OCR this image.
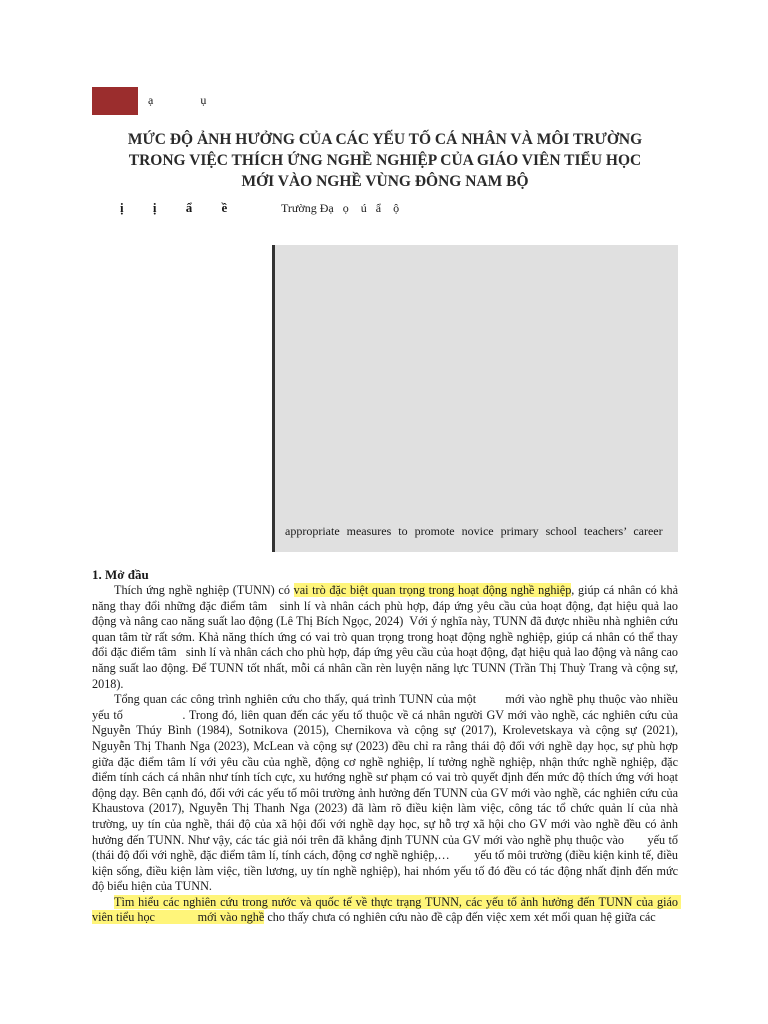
ạ	ụ
MỨC ĐỘ ẢNH HƯỞNG CỦA CÁC YẾU TỐ CÁ NHÂN VÀ MÔI TRƯỜNG
TRONG VIỆC THÍCH ỨNG NGHỀ NGHIỆP CỦA GIÁO VIÊN TIỂU HỌC
MỚI VÀO NGHỀ VÙNG ĐÔNG NAM BỘ
ị ị ẩ ề	Trường Đạ   ọ    ú   ẩ    ộ
appropriate measures to promote novice primary school teachers’ career
1. Mở đầu

Thích ứng nghề nghiệp (TUNN) có vai trò đặc biệt quan trọng trong hoạt động nghề nghiệp, giúp cá nhân có khả năng thay đổi những đặc điểm tâm   sinh lí và nhân cách phù hợp, đáp ứng yêu cầu của hoạt động, đạt hiệu quả lao động và nâng cao năng suất lao động (Lê Thị Bích Ngọc, 2024)  Với ý nghĩa này, TUNN đã được nhiều nhà nghiên cứu quan tâm từ rất sớm. Khả năng thích ứng có vai trò quan trọng trong hoạt động nghề nghiệp, giúp cá nhân có thể thay đổi đặc điểm tâm   sinh lí và nhân cách cho phù hợp, đáp ứng yêu cầu của hoạt động, đạt hiệu quả lao động và nâng cao năng suất lao động. Để TUNN tốt nhất, mỗi cá nhân cần rèn luyện năng lực TUNN (Trần Thị Thuỳ Trang và cộng sự, 2018).

Tổng quan các công trình nghiên cứu cho thấy, quá trình TUNN của một        mới vào nghề phụ thuộc vào nhiều yếu tố                . Trong đó, liên quan đến các yếu tố thuộc về cá nhân người GV mới vào nghề, các nghiên cứu của Nguyễn Thúy Bình (1984), Sotnikova (2015), Chernikova và cộng sự (2017), Krolevetskaya và cộng sự (2021), Nguyễn Thị Thanh Nga (2023), McLean và cộng sự (2023) đều chỉ ra rằng thái độ đối với nghề dạy học, sự phù hợp giữa đặc điểm tâm lí với yêu cầu của nghề, động cơ nghề nghiệp, lí tưởng nghề nghiệp, nhận thức nghề nghiệp, đặc điểm tính cách cá nhân như tính tích cực, xu hướng nghề sư phạm có vai trò quyết định đến mức độ thích ứng với hoạt động dạy. Bên cạnh đó, đối với các yếu tố môi trường ảnh hưởng đến TUNN của GV mới vào nghề, các nghiên cứu của Khaustova (2017), Nguyễn Thị Thanh Nga (2023) đã làm rõ điều kiện làm việc, công tác tổ chức quản lí của nhà trường, uy tín của nghề, thái độ của xã hội đối với nghề dạy học, sự hỗ trợ xã hội cho GV mới vào nghề đều có ảnh hưởng đến TUNN. Như vậy, các tác giả nói trên đã khẳng định TUNN của GV mới vào nghề phụ thuộc vào       yếu tố            (thái độ đối với nghề, đặc điểm tâm lí, tính cách, động cơ nghề nghiệp,…        yếu tố môi trường (điều kiện kinh tế, điều kiện sống, điều kiện làm việc, tiền lương, uy tín nghề nghiệp), hai nhóm yếu tố đó đều có tác động nhất định đến mức độ biểu hiện của TUNN.

Tìm hiểu các nghiên cứu trong nước và quốc tế về thực trạng TUNN, các yếu tố ảnh hưởng đến TUNN của giáo viên tiểu học              mới vào nghề cho thấy chưa có nghiên cứu nào đề cập đến việc xem xét mối quan hệ giữa các
